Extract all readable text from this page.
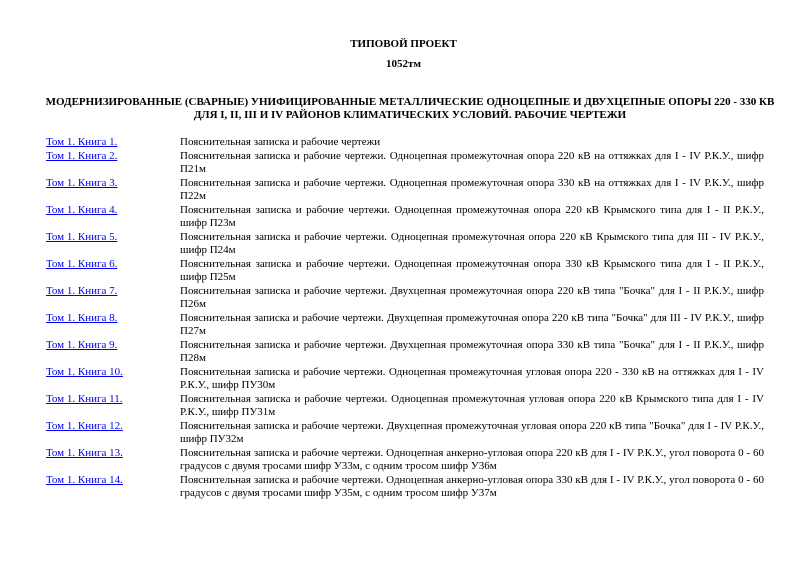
ТИПОВОЙ ПРОЕКТ
1052тм
МОДЕРНИЗИРОВАННЫЕ (СВАРНЫЕ) УНИФИЦИРОВАННЫЕ МЕТАЛЛИЧЕСКИЕ ОДНОЦЕПНЫЕ И ДВУХЦЕПНЫЕ ОПОРЫ 220 - 330 КВ
ДЛЯ I, II, III И IV РАЙОНОВ КЛИМАТИЧЕСКИХ УСЛОВИЙ. РАБОЧИЕ ЧЕРТЕЖИ
Том 1. Книга 1.	Пояснительная записка и рабочие чертежи
Том 1. Книга 2.	Пояснительная записка и рабочие чертежи. Одноцепная промежуточная опора 220 кВ на оттяжках для I - IV Р.К.У., шифр П21м
Том 1. Книга 3.	Пояснительная записка и рабочие чертежи. Одноцепная промежуточная опора 330 кВ на оттяжках для I - IV Р.К.У., шифр П22м
Том 1. Книга 4.	Пояснительная записка и рабочие чертежи. Одноцепная промежуточная опора 220 кВ Крымского типа для I - II Р.К.У., шифр П23м
Том 1. Книга 5.	Пояснительная записка и рабочие чертежи. Одноцепная промежуточная опора 220 кВ Крымского типа для III - IV Р.К.У., шифр П24м
Том 1. Книга 6.	Пояснительная записка и рабочие чертежи. Одноцепная промежуточная опора 330 кВ Крымского типа для I - II Р.К.У., шифр П25м
Том 1. Книга 7.	Пояснительная записка и рабочие чертежи. Двухцепная промежуточная опора 220 кВ типа "Бочка" для I - II Р.К.У., шифр П26м
Том 1. Книга 8.	Пояснительная записка и рабочие чертежи. Двухцепная промежуточная опора 220 кВ типа "Бочка" для III - IV Р.К.У., шифр П27м
Том 1. Книга 9.	Пояснительная записка и рабочие чертежи. Двухцепная промежуточная опора 330 кВ типа "Бочка" для I - II Р.К.У., шифр П28м
Том 1. Книга 10.	Пояснительная записка и рабочие чертежи. Одноцепная промежуточная угловая опора 220 - 330 кВ на оттяжках для I - IV Р.К.У., шифр ПУ30м
Том 1. Книга 11.	Пояснительная записка и рабочие чертежи. Одноцепная промежуточная угловая опора 220 кВ Крымского типа для I - IV Р.К.У., шифр ПУ31м
Том 1. Книга 12.	Пояснительная записка и рабочие чертежи. Двухцепная промежуточная угловая опора 220 кВ типа "Бочка" для I - IV Р.К.У., шифр ПУ32м
Том 1. Книга 13.	Пояснительная записка и рабочие чертежи. Одноцепная анкерно-угловая опора 220 кВ для I - IV Р.К.У., угол поворота 0 - 60 градусов с двумя тросами шифр У33м, с одним тросом шифр У36м
Том 1. Книга 14.	Пояснительная записка и рабочие чертежи. Одноцепная анкерно-угловая опора 330 кВ для I - IV Р.К.У., угол поворота 0 - 60 градусов с двумя тросами шифр У35м, с одним тросом шифр У37м
